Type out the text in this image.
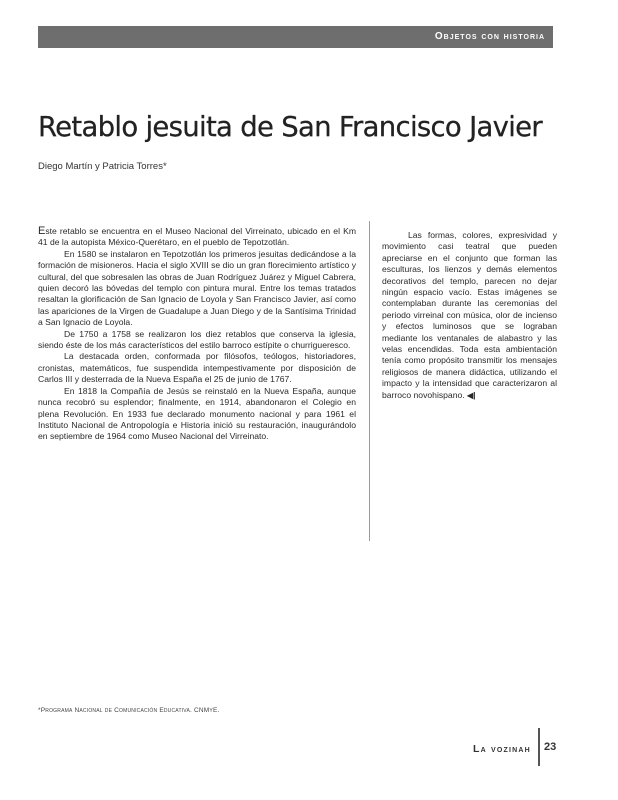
Objetos con historia
Retablo jesuita de San Francisco Javier
Diego Martín y Patricia Torres*

Este retablo se encuentra en el Museo Nacional del Virreinato, ubicado en el Km 41 de la autopista México-Querétaro, en el pueblo de Tepotzotlán.

En 1580 se instalaron en Tepotzotlán los primeros jesuitas dedicándose a la formación de misioneros. Hacia el siglo XVIII se dio un gran florecimiento artístico y cultural, del que sobresalen las obras de Juan Rodríguez Juárez y Miguel Cabrera, quien decoró las bóvedas del templo con pintura mural. Entre los temas tratados resaltan la glorificación de San Ignacio de Loyola y San Francisco Javier, así como las apariciones de la Virgen de Guadalupe a Juan Diego y de la Santísima Trinidad a San Ignacio de Loyola.

De 1750 a 1758 se realizaron los diez retablos que conserva la iglesia, siendo éste de los más característicos del estilo barroco estípite o churrigueresco.

La destacada orden, conformada por filósofos, teólogos, historiadores, cronistas, matemáticos, fue suspendida intempestivamente por disposición de Carlos III y desterrada de la Nueva España el 25 de junio de 1767.

En 1818 la Compañía de Jesús se reinstaló en la Nueva España, aunque nunca recobró su esplendor; finalmente, en 1914, abandonaron el Colegio en plena Revolución. En 1933 fue declarado monumento nacional y para 1961 el Instituto Nacional de Antropología e Historia inició su restauración, inaugurándolo en septiembre de 1964 como Museo Nacional del Virreinato.

Las formas, colores, expresividad y movimiento casi teatral que pueden apreciarse en el conjunto que forman las esculturas, los lienzos y demás elementos decorativos del templo, parecen no dejar ningún espacio vacío. Estas imágenes se contemplaban durante las ceremonias del periodo virreinal con música, olor de incienso y efectos luminosos que se lograban mediante los ventanales de alabastro y las velas encendidas. Toda esta ambientación tenía como propósito transmitir los mensajes religiosos de manera didáctica, utilizando el impacto y la intensidad que caracterizaron al barroco novohispano. ◀|

*Programa Nacional de Comunicación Educativa. CNMyE.
La vozinah 23
